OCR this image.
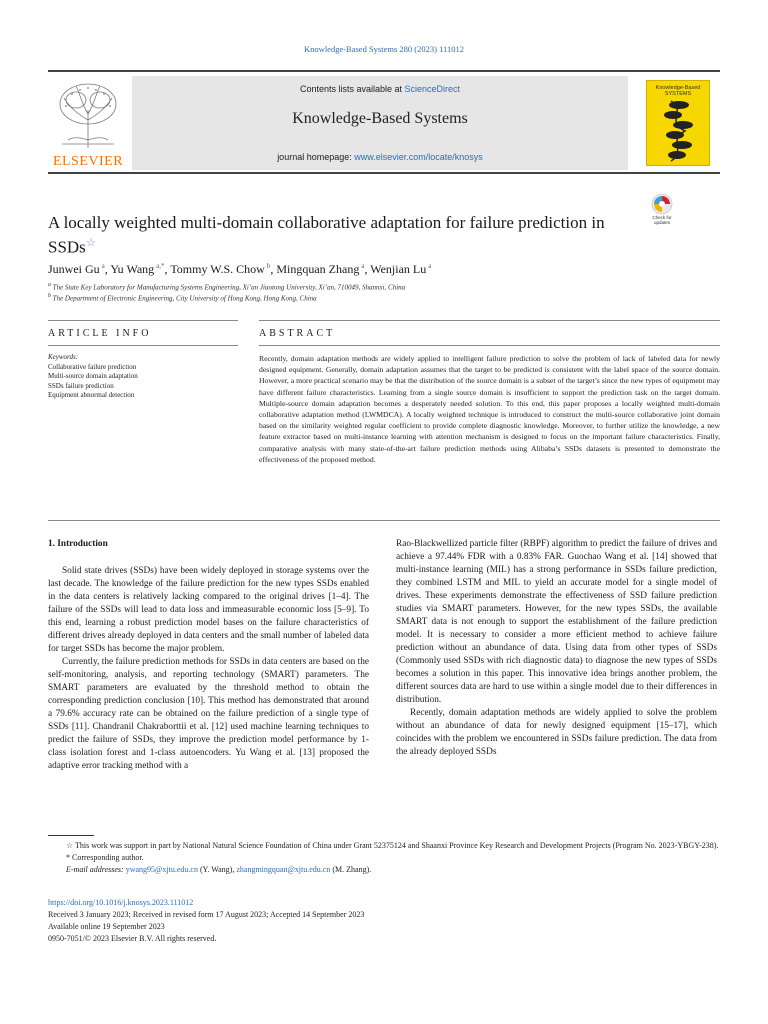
Knowledge-Based Systems 280 (2023) 111012
ELSEVIER
Contents lists available at ScienceDirect
Knowledge-Based Systems
journal homepage: www.elsevier.com/locate/knosys
Knowledge-Based SYSTEMS
Check for updates
A locally weighted multi-domain collaborative adaptation for failure prediction in SSDs☆
Junwei Gu $^a$, Yu Wang $^{a,*}$, Tommy W.S. Chow $^b$, Mingquan Zhang $^a$, Wenjian Lu $^a$
$^a$ The State Key Laboratory for Manufacturing Systems Engineering, Xi’an Jiaotong University, Xi’an, 710049, Shannxi, China
$^b$ The Department of Electronic Engineering, City University of Hong Kong, Hong Kong, China
ARTICLE INFO	ABSTRACT
Keywords:
Collaborative failure prediction
Multi-source domain adaptation
SSDs failure prediction
Equipment abnormal detection
Recently, domain adaptation methods are widely applied to intelligent failure prediction to solve the problem of lack of labeled data for newly designed equipment. Generally, domain adaptation assumes that the target to be predicted is consistent with the label space of the source domain. However, a more practical scenario may be that the distribution of the source domain is a subset of the target’s since the new types of equipment may have different failure characteristics. Learning from a single source domain is insufficient to support the prediction task on the target domain. Multiple-source domain adaptation becomes a desperately needed solution. To this end, this paper proposes a locally weighted multi-domain collaborative adaptation method (LWMDCA). A locally weighted technique is introduced to construct the multi-source collaborative joint domain based on the similarity weighted regular coefficient to provide complete diagnostic knowledge. Moreover, to further utilize the knowledge, a new feature extractor based on multi-instance learning with attention mechanism is designed to focus on the important failure characteristics. Finally, comparative analysis with many state-of-the-art failure prediction methods using Alibaba’s SSDs datasets is presented to demonstrate the effectiveness of the proposed method.
1. Introduction

Solid state drives (SSDs) have been widely deployed in storage systems over the last decade. The knowledge of the failure prediction for the new types SSDs enabled in the data centers is relatively lacking compared to the original drives [1–4]. The failure of the SSDs will lead to data loss and immeasurable economic loss [5–9]. To this end, learning a robust prediction model bases on the failure characteristics of different drives already deployed in data centers and the small number of labeled data for target SSDs has become the major problem.

Currently, the failure prediction methods for SSDs in data centers are based on the self-monitoring, analysis, and reporting technology (SMART) parameters. The SMART parameters are evaluated by the threshold method to obtain the corresponding prediction conclusion [10]. This method has demonstrated that around a 79.6% accuracy rate can be obtained on the failure prediction of a single type of SSDs [11]. Chandranil Chakraborttii et al. [12] used machine learning techniques to predict the failure of SSDs, they improve the prediction model performance by 1-class isolation forest and 1-class autoencoders. Yu Wang et al. [13] proposed the adaptive error tracking method with a

Rao-Blackwellized particle filter (RBPF) algorithm to predict the failure of drives and achieve a 97.44% FDR with a 0.83% FAR. Guochao Wang et al. [14] showed that multi-instance learning (MIL) has a strong performance in SSDs failure prediction, they combined LSTM and MIL to yield an accurate model for a single model of drives. These experiments demonstrate the effectiveness of SSD failure prediction studies via SMART parameters. However, for the new types SSDs, the available SMART data is not enough to support the establishment of the failure prediction model. It is necessary to consider a more efficient method to achieve failure prediction without an abundance of data. Using data from other types of SSDs (Commonly used SSDs with rich diagnostic data) to diagnose the new types of SSDs becomes a solution in this paper. This innovative idea brings another problem, the different sources data are hard to use within a single model due to their differences in distribution.

Recently, domain adaptation methods are widely applied to solve the problem without an abundance of data for newly designed equipment [15–17], which coincides with the problem we encountered in SSDs failure prediction. The data from the already deployed SSDs

☆ This work was support in part by National Natural Science Foundation of China under Grant 52375124 and Shaanxi Province Key Research and Development Projects (Program No. 2023-YBGY-238).
* Corresponding author.
E-mail addresses: ywang95@xjtu.edu.cn (Y. Wang), zhangmingquan@xjtu.edu.cn (M. Zhang).
https://doi.org/10.1016/j.knosys.2023.111012
Received 3 January 2023; Received in revised form 17 August 2023; Accepted 14 September 2023
Available online 19 September 2023
0950-7051/© 2023 Elsevier B.V. All rights reserved.
